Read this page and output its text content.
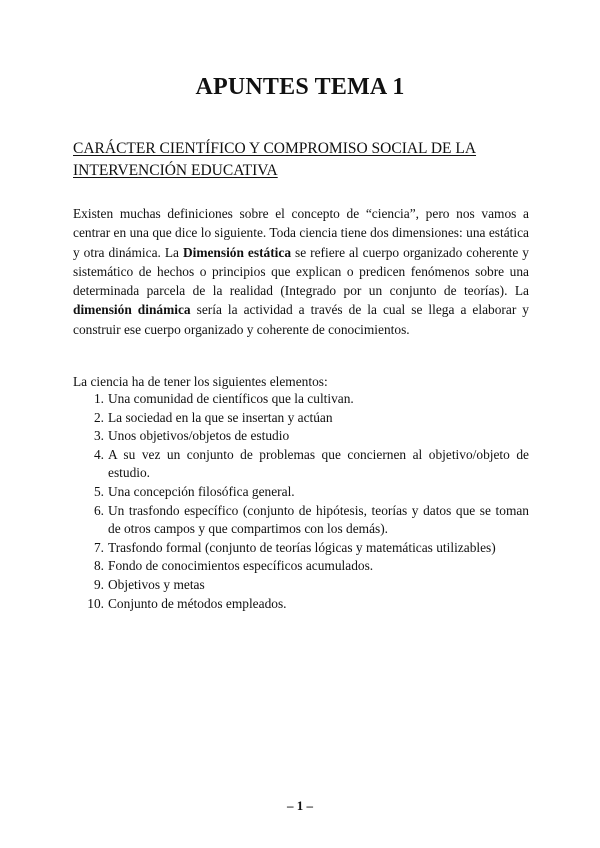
APUNTES TEMA 1
CARÁCTER CIENTÍFICO Y COMPROMISO SOCIAL DE LA INTERVENCIÓN EDUCATIVA

Existen muchas definiciones sobre el concepto de “ciencia”, pero nos vamos a centrar en una que dice lo siguiente. Toda ciencia tiene dos dimensiones: una estática y otra dinámica. La Dimensión estática se refiere al cuerpo organizado coherente y sistemático de hechos o principios que explican o predicen fenómenos sobre una determinada parcela de la realidad (Integrado por un conjunto de teorías). La dimensión dinámica sería la actividad a través de la cual se llega a elaborar y construir ese cuerpo organizado y coherente de conocimientos.

La ciencia ha de tener los siguientes elementos:

1. Una comunidad de científicos que la cultivan.
2. La sociedad en la que se insertan y actúan
3. Unos objetivos/objetos de estudio
4. A su vez un conjunto de problemas que conciernen al objetivo/objeto de estudio.
5. Una concepción filosófica general.
6. Un trasfondo específico (conjunto de hipótesis, teorías y datos que se toman de otros campos y que compartimos con los demás).
7. Trasfondo formal (conjunto de teorías lógicas y matemáticas utilizables)
8. Fondo de conocimientos específicos acumulados.
9. Objetivos y metas
10. Conjunto de métodos empleados.

– 1 –
